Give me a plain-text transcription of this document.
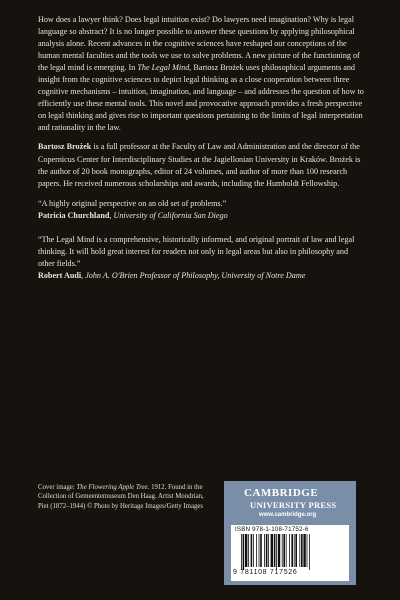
How does a lawyer think? Does legal intuition exist? Do lawyers need imagination? Why is legal language so abstract? It is no longer possible to answer these questions by applying philosophical analysis alone. Recent advances in the cognitive sciences have reshaped our conceptions of the human mental faculties and the tools we use to solve problems. A new picture of the functioning of the legal mind is emerging. In The Legal Mind, Bartosz Brożek uses philosophical arguments and insight from the cognitive sciences to depict legal thinking as a close cooperation between three cognitive mechanisms – intuition, imagination, and language – and addresses the question of how to efficiently use these mental tools. This novel and provocative approach provides a fresh perspective on legal thinking and gives rise to important questions pertaining to the limits of legal interpretation and rationality in the law.

Bartosz Brożek is a full professor at the Faculty of Law and Administration and the director of the Copernicus Center for Interdisciplinary Studies at the Jagiellonian University in Kraków. Brożek is the author of 20 book monographs, editor of 24 volumes, and author of more than 100 research papers. He received numerous scholarships and awards, including the Humboldt Fellowship.

“A highly original perspective on an old set of problems.”
Patricia Churchland, University of California San Diego

“The Legal Mind is a comprehensive, historically informed, and original portrait of law and legal thinking. It will hold great interest for readers not only in legal areas but also in philosophy and other fields.”
Robert Audi, John A. O'Brien Professor of Philosophy, University of Notre Dame

Cover image: The Flowering Apple Tree. 1912. Found in the Collection of Gemeentemuseum Den Haag. Artist Mondrian, Piet (1872–1944) © Photo by Heritage Images/Getty Images
CAMBRIDGE
UNIVERSITY PRESS
www.cambridge.org
ISBN 978-1-108-71752-6
9 781108 717526
